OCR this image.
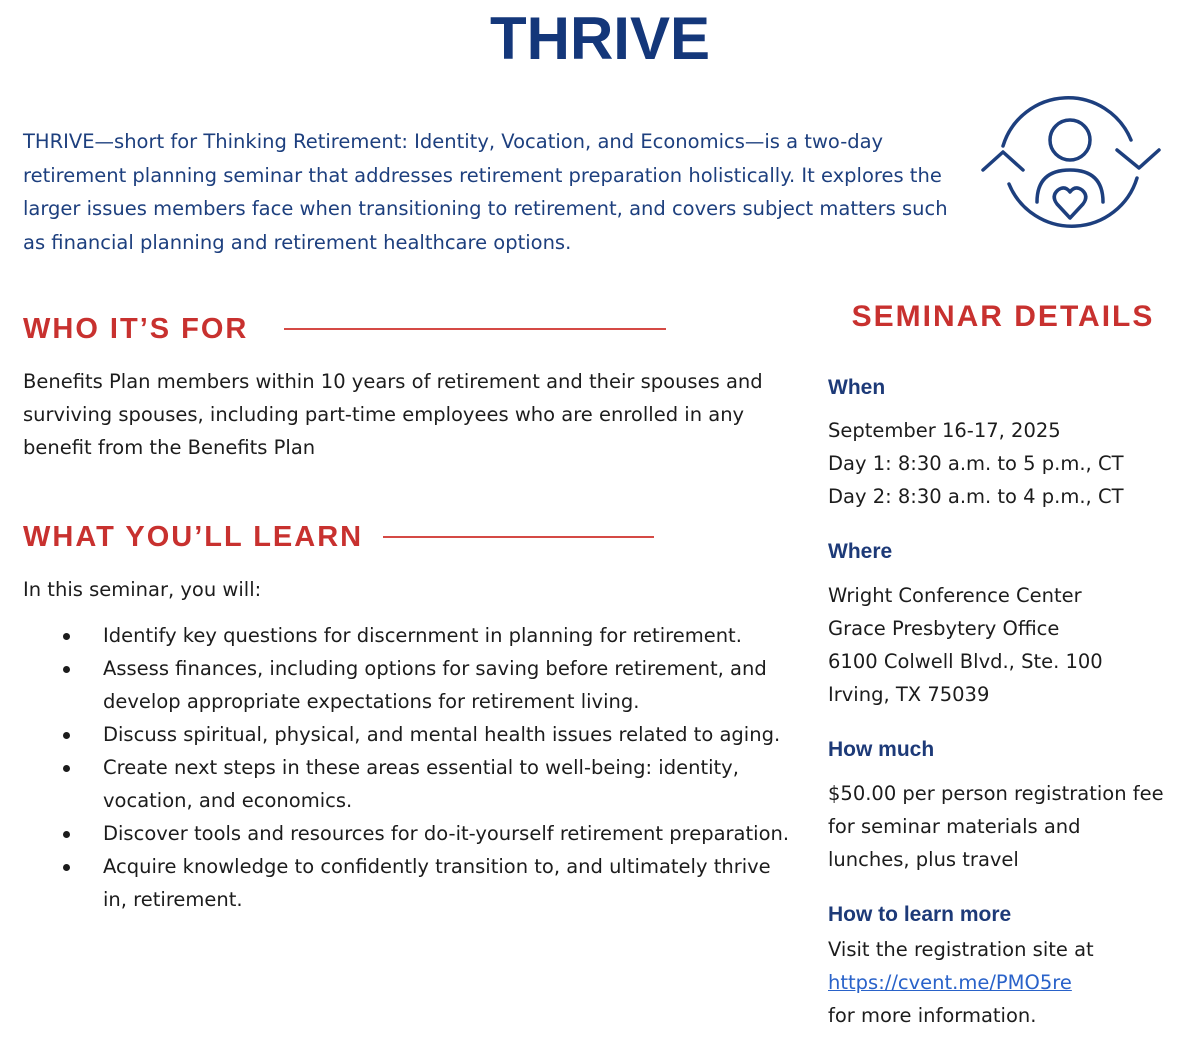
THRIVE

THRIVE—short for Thinking Retirement: Identity, Vocation, and Economics—is a two-day retirement planning seminar that addresses retirement preparation holistically. It explores the larger issues members face when transitioning to retirement, and covers subject matters such as financial planning and retirement healthcare options.

WHO IT’S FOR

Benefits Plan members within 10 years of retirement and their spouses and surviving spouses, including part-time employees who are enrolled in any benefit from the Benefits Plan

WHAT YOU’LL LEARN

In this seminar, you will:

Identify key questions for discernment in planning for retirement.
Assess finances, including options for saving before retirement, and develop appropriate expectations for retirement living.
Discuss spiritual, physical, and mental health issues related to aging.
Create next steps in these areas essential to well-being: identity, vocation, and economics.
Discover tools and resources for do-it-yourself retirement preparation.
Acquire knowledge to confidently transition to, and ultimately thrive in, retirement.
SEMINAR DETAILS
When
September 16-17, 2025
Day 1: 8:30 a.m. to 5 p.m., CT
Day 2: 8:30 a.m. to 4 p.m., CT
Where
Wright Conference Center
Grace Presbytery Office
6100 Colwell Blvd., Ste. 100
Irving, TX 75039
How much
$50.00 per person registration fee
for seminar materials and
lunches, plus travel
How to learn more
Visit the registration site at
https://cvent.me/PMO5re
for more information.
